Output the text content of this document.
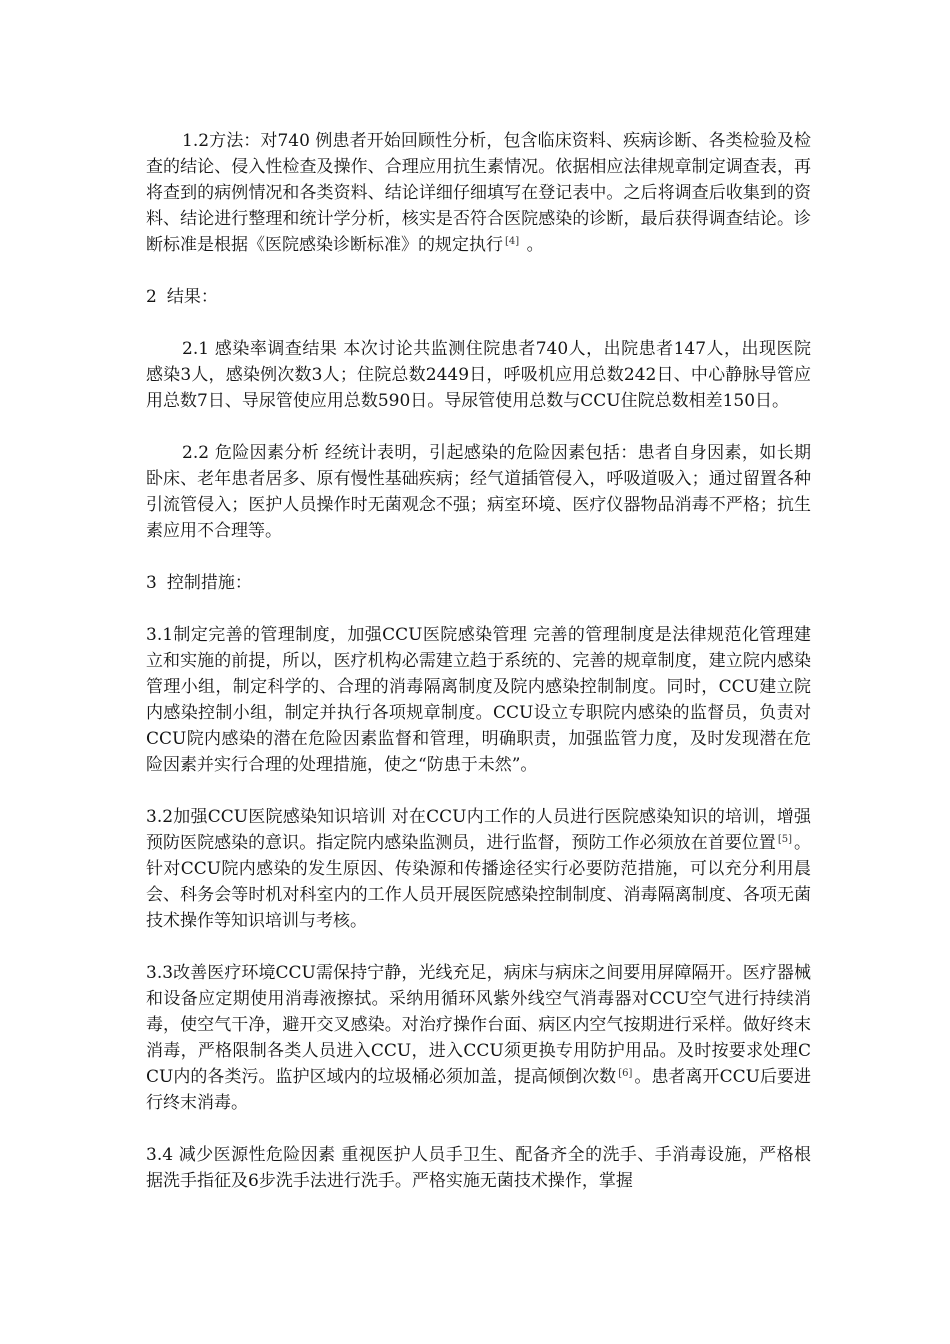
1.2方法：对740 例患者开始回顾性分析，包含临床资料、疾病诊断、各类检验及检查的结论、侵入性检查及操作、合理应用抗生素情况。依据相应法律规章制定调查表，再将查到的病例情况和各类资料、结论详细仔细填写在登记表中。之后将调查后收集到的资料、结论进行整理和统计学分析，核实是否符合医院感染的诊断，最后获得调查结论。诊断标准是根据《医院感染诊断标准》的规定执行 [4] 。

2 结果：

2.1 感染率调查结果 本次讨论共监测住院患者740人，出院患者147人，出现医院感染3人，感染例次数3人；住院总数2449日，呼吸机应用总数242日、中心静脉导管应用总数7日、导尿管使应用总数590日。导尿管使用总数与CCU住院总数相差150日。

2.2 危险因素分析 经统计表明，引起感染的危险因素包括：患者自身因素，如长期卧床、老年患者居多、原有慢性基础疾病；经气道插管侵入，呼吸道吸入；通过留置各种引流管侵入；医护人员操作时无菌观念不强；病室环境、医疗仪器物品消毒不严格；抗生素应用不合理等。

3 控制措施：

3.1制定完善的管理制度，加强CCU医院感染管理 完善的管理制度是法律规范化管理建立和实施的前提，所以，医疗机构必需建立趋于系统的、完善的规章制度，建立院内感染管理小组，制定科学的、合理的消毒隔离制度及院内感染控制制度。同时，CCU建立院内感染控制小组，制定并执行各项规章制度。CCU设立专职院内感染的监督员，负责对CCU院内感染的潜在危险因素监督和管理，明确职责，加强监管力度，及时发现潜在危险因素并实行合理的处理措施，使之“防患于未然”。

3.2加强CCU医院感染知识培训 对在CCU内工作的人员进行医院感染知识的培训，增强预防医院感染的意识。指定院内感染监测员，进行监督，预防工作必须放在首要位置 [5] 。针对CCU院内感染的发生原因、传染源和传播途径实行必要防范措施，可以充分利用晨会、科务会等时机对科室内的工作人员开展医院感染控制制度、消毒隔离制度、各项无菌技术操作等知识培训与考核。

3.3改善医疗环境CCU需保持宁静，光线充足，病床与病床之间要用屏障隔开。医疗器械和设备应定期使用消毒液擦拭。采纳用循环风紫外线空气消毒器对CCU空气进行持续消毒，使空气干净，避开交叉感染。对治疗操作台面、病区内空气按期进行采样。做好终末消毒，严格限制各类人员进入CCU，进入CCU须更换专用防护用品。及时按要求处理CCU内的各类污。监护区域内的垃圾桶必须加盖，提高倾倒次数 [6] 。患者离开CCU后要进行终末消毒。

3.4 减少医源性危险因素 重视医护人员手卫生、配备齐全的洗手、手消毒设施，严格根据洗手指征及6步洗手法进行洗手。严格实施无菌技术操作，掌握
